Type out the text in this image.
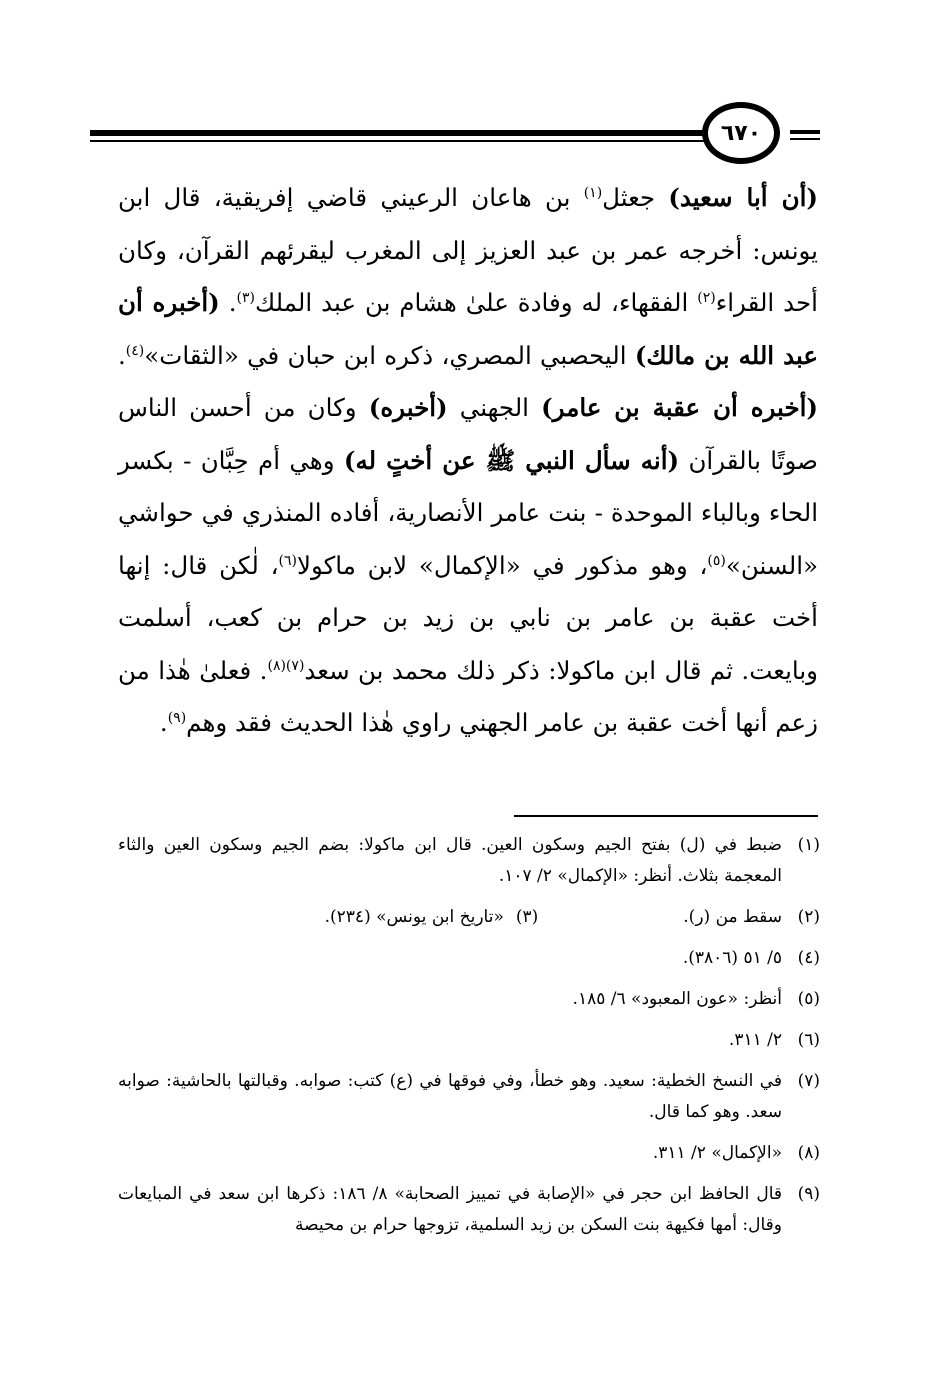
٦٧٠

(أن أبا سعيد) جعثل$^{(١)}$ بن هاعان الرعيني قاضي إفريقية، قال ابن يونس: أخرجه عمر بن عبد العزيز إلى المغرب ليقرئهم القرآن، وكان أحد القراء$^{(٢)}$ الفقهاء، له وفادة علىٰ هشام بن عبد الملك$^{(٣)}$. (أخبره أن عبد الله بن مالك) اليحصبي المصري، ذكره ابن حبان في «الثقات»$^{(٤)}$. (أخبره أن عقبة بن عامر) الجهني (أخبره) وكان من أحسن الناس صوتًا بالقرآن (أنه سأل النبي ﷺ عن أختٍ له) وهي أم حِبَّان - بكسر الحاء وبالباء الموحدة - بنت عامر الأنصارية، أفاده المنذري في حواشي «السنن»$^{(٥)}$، وهو مذكور في «الإكمال» لابن ماكولا$^{(٦)}$، لٰكن قال: إنها أخت عقبة بن عامر بن نابي بن زيد بن حرام بن كعب، أسلمت وبايعت. ثم قال ابن ماكولا: ذكر ذلك محمد بن سعد$^{(٧)(٨)}$. فعلىٰ هٰذا من زعم أنها أخت عقبة بن عامر الجهني راوي هٰذا الحديث فقد وهم$^{(٩)}$.

(١)
ضبط في (ل) بفتح الجيم وسكون العين. قال ابن ماكولا: بضم الجيم وسكون العين والثاء المعجمة بثلاث. أنظر: «الإكمال» ٢/ ١٠٧.
(٢)
سقط من (ر).
(٣)
«تاريخ ابن يونس» (٢٣٤).
(٤)
٥/ ٥١ (٣٨٠٦).
(٥)
أنظر: «عون المعبود» ٦/ ١٨٥.
(٦)
٢/ ٣١١.
(٧)
في النسخ الخطية: سعيد. وهو خطأ، وفي فوقها في (ع) كتب: صوابه. وقبالتها بالحاشية: صوابه سعد. وهو كما قال.
(٨)
«الإكمال» ٢/ ٣١١.
(٩)
قال الحافظ ابن حجر في «الإصابة في تمييز الصحابة» ٨/ ١٨٦: ذكرها ابن سعد في المبايعات وقال: أمها فكيهة بنت السكن بن زيد السلمية، تزوجها حرام بن محيصة
